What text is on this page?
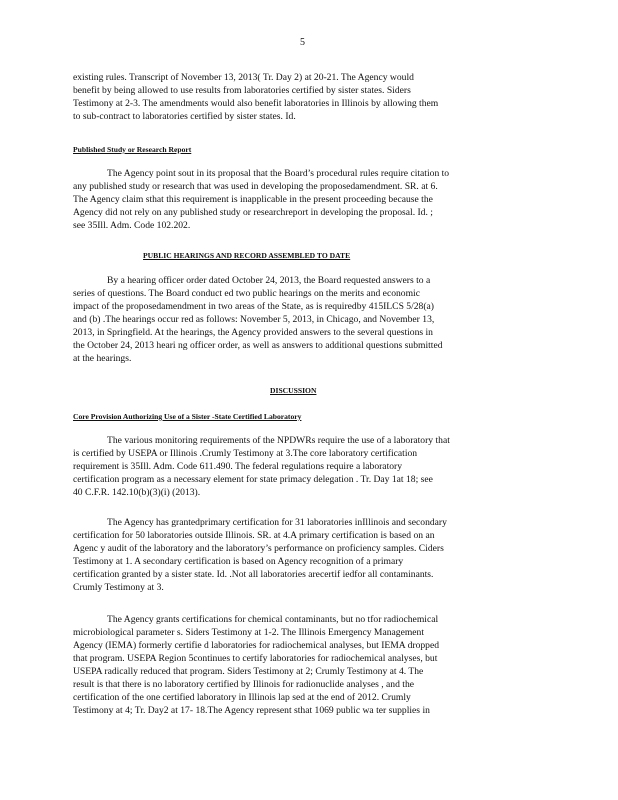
5

existing rules. Transcript of November 13, 2013( Tr. Day 2) at 20-21. The Agency would

benefit by being allowed to use results from laboratories certified by sister states. Siders

Testimony at 2-3. The amendments would also benefit laboratories in Illinois by allowing them

to sub-contract to laboratories certified by sister states. Id.

Published Study or Research Report

The Agency point sout in its proposal that the Board’s procedural rules require citation to

any published study or research that was used in developing the proposedamendment. SR. at 6.

The Agency claim sthat this requirement is inapplicable in the present proceeding because the

Agency did not rely on any published study or researchreport in developing the proposal. Id. ;

see 35Ill. Adm. Code 102.202.

PUBLIC HEARINGS AND RECORD ASSEMBLED TO DATE

By a hearing officer order dated October 24, 2013, the Board requested answers to a

series of questions. The Board conduct ed two public hearings on the merits and economic

impact of the proposedamendment in two areas of the State, as is requiredby 415ILCS 5/28(a)

and (b) .The hearings occur red as follows: November 5, 2013, in Chicago, and November 13,

2013, in Springfield. At the hearings, the Agency provided answers to the several questions in

the October 24, 2013 heari ng officer order, as well as answers to additional questions submitted

at the hearings.

DISCUSSION
Core Provision Authorizing Use of a Sister -State Certified Laboratory

The various monitoring requirements of the NPDWRs require the use of a laboratory that

is certified by USEPA or Illinois .Crumly Testimony at 3.The core laboratory certification

requirement is 35Ill. Adm. Code 611.490. The federal regulations require a laboratory

certification program as a necessary element for state primacy delegation . Tr. Day 1at 18; see

40 C.F.R. 142.10(b)(3)(i) (2013).

The Agency has grantedprimary certification for 31 laboratories inIllinois and secondary

certification for 50 laboratories outside Illinois. SR. at 4.A primary certification is based on an

Agenc y audit of the laboratory and the laboratory’s performance on proficiency samples. Ciders

Testimony at 1. A secondary certification is based on Agency recognition of a primary

certification granted by a sister state. Id. .Not all laboratories arecertif iedfor all contaminants.

Crumly Testimony at 3.

The Agency grants certifications for chemical contaminants, but no tfor radiochemical

microbiological parameter s. Siders Testimony at 1-2. The Illinois Emergency Management

Agency (IEMA) formerly certifie d laboratories for radiochemical analyses, but IEMA dropped

that program. USEPA Region 5continues to certify laboratories for radiochemical analyses, but

USEPA radically reduced that program. Siders Testimony at 2; Crumly Testimony at 4. The

result is that there is no laboratory certified by Illinois for radionuclide analyses , and the

certification of the one certified laboratory in Illinois lap sed at the end of 2012. Crumly

Testimony at 4; Tr. Day2 at 17- 18.The Agency represent sthat 1069 public wa ter supplies in
